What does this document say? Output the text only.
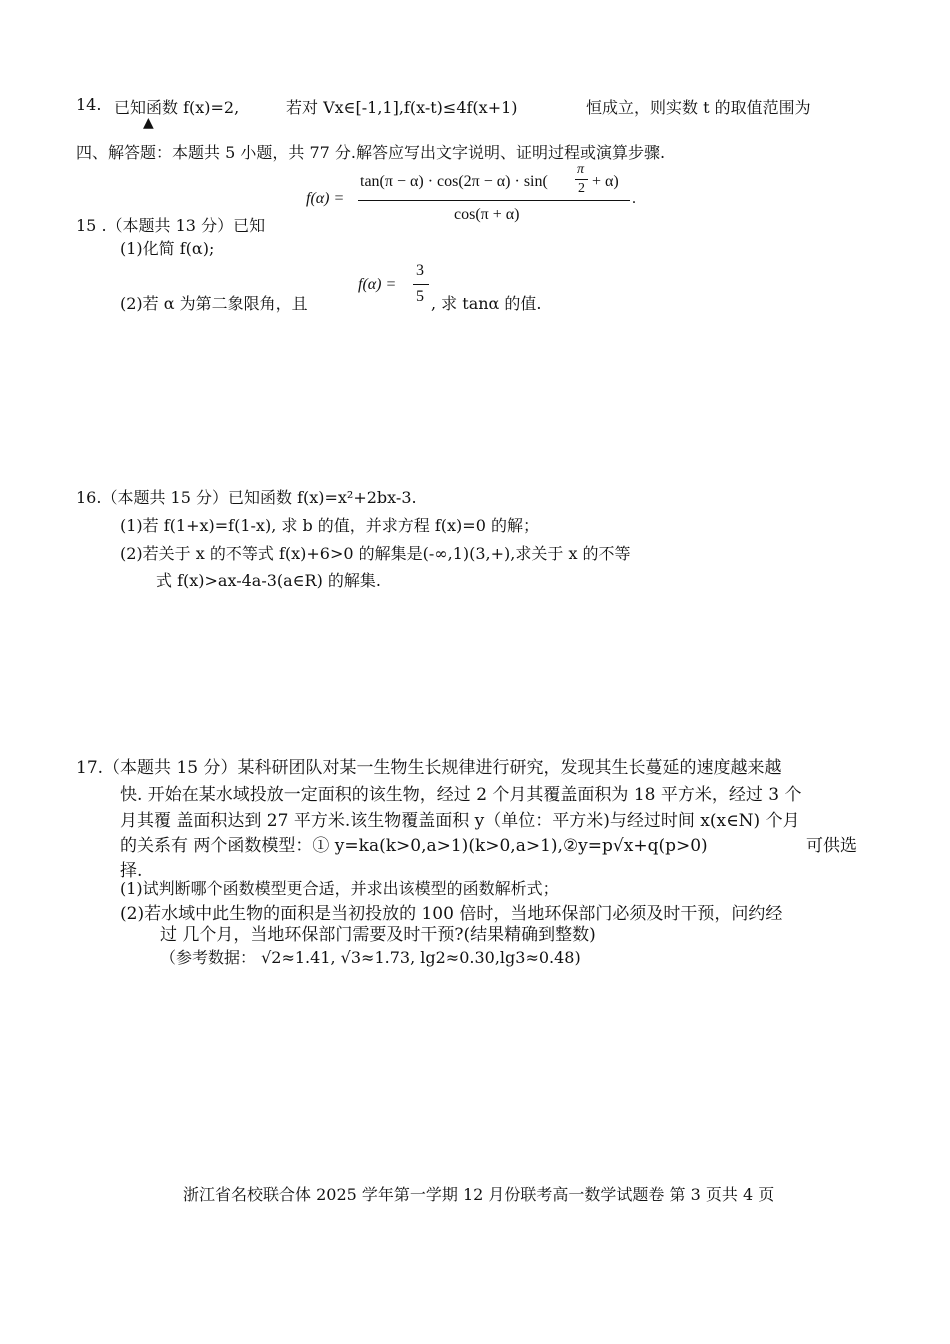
14. 已知函数 f(x)=2,	若对 Vx∈[-1,1],f(x-t)≤4f(x+1)	恒成立，则实数 t 的取值范围为
▲
四、解答题：本题共 5 小题，共 77 分.解答应写出文字说明、证明过程或演算步骤.
15 .（本题共 13 分）已知
f(α) =
tan(π − α) · cos(2π − α) · sin(
π
2 + α)
cos(π + α)
.
(1)化简 f(α);
(2)若 α 为第二象限角，且
f(α) =
3
5 , 求 tanα 的值.
16.（本题共 15 分）已知函数 f(x)=x²+2bx-3.
(1)若 f(1+x)=f(1-x), 求 b 的值，并求方程 f(x)=0 的解；
(2)若关于 x 的不等式 f(x)+6>0 的解集是(-∞,1)(3,+),求关于 x 的不等
式 f(x)>ax-4a-3(a∈R) 的解集.
17.（本题共 15 分）某科研团队对某一生物生长规律进行研究，发现其生长蔓延的速度越来越
快. 开始在某水域投放一定面积的该生物，经过 2 个月其覆盖面积为 18 平方米，经过 3 个
月其覆 盖面积达到 27 平方米.该生物覆盖面积 y（单位：平方米)与经过时间 x(x∈N) 个月
的关系有 两个函数模型：① y=ka(k>0,a>1)(k>0,a>1),②y=p√x+q(p>0)	可供选
择.
(1)试判断哪个函数模型更合适，并求出该模型的函数解析式；
(2)若水域中此生物的面积是当初投放的 100 倍时，当地环保部门必须及时干预，问约经
过 几个月，当地环保部门需要及时干预?(结果精确到整数)
（参考数据： √2≈1.41, √3≈1.73, lg2≈0.30,lg3≈0.48)
浙江省名校联合体 2025 学年第一学期 12 月份联考高一数学试题卷 第 3 页共 4 页
